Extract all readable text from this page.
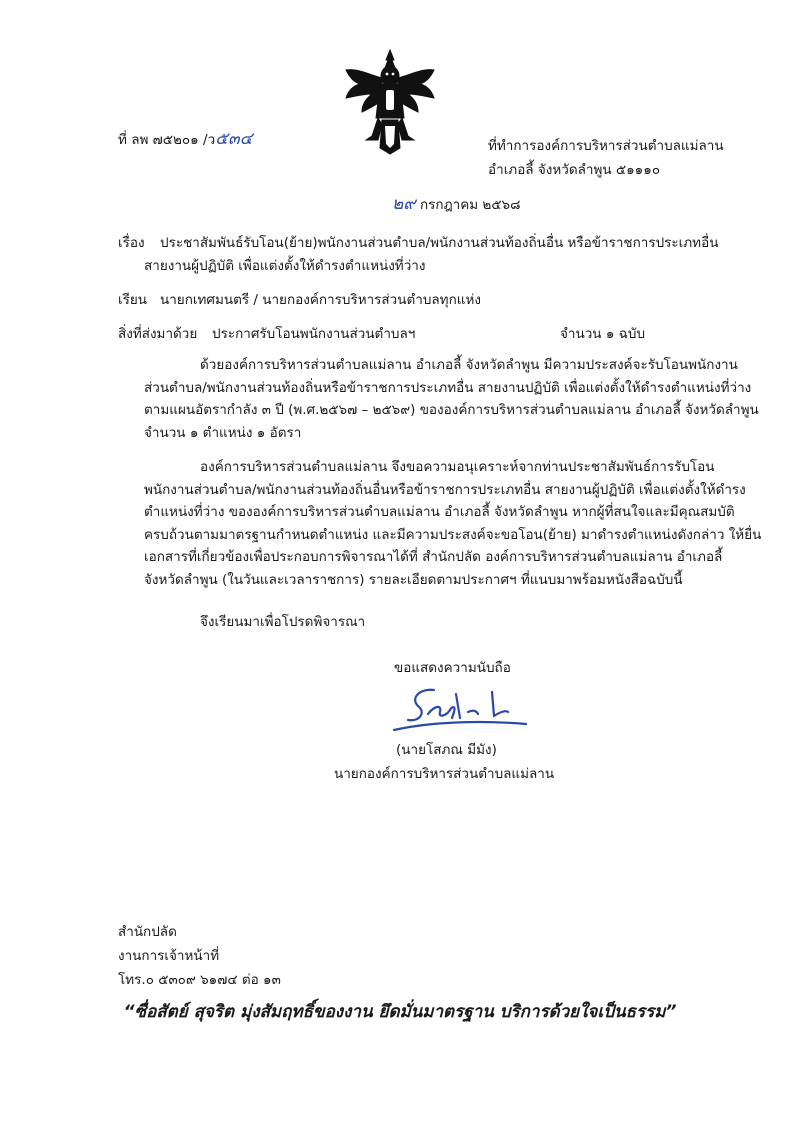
ที่ ลพ ๗๕๒๐๑ /ว๕๓๔	ที่ทำการองค์การบริหารส่วนตำบลแม่ลาน
อำเภอลี้ จังหวัดลำพูน ๕๑๑๑๐
๒๙ กรกฎาคม ๒๕๖๘
เรื่อง ประชาสัมพันธ์รับโอน(ย้าย)พนักงานส่วนตำบล/พนักงานส่วนท้องถิ่นอื่น หรือข้าราชการประเภทอื่น
สายงานผู้ปฏิบัติ เพื่อแต่งตั้งให้ดำรงตำแหน่งที่ว่าง
เรียน นายกเทศมนตรี / นายกองค์การบริหารส่วนตำบลทุกแห่ง
สิ่งที่ส่งมาด้วย ประกาศรับโอนพนักงานส่วนตำบลฯ	จำนวน ๑ ฉบับ
ด้วยองค์การบริหารส่วนตำบลแม่ลาน อำเภอลี้ จังหวัดลำพูน มีความประสงค์จะรับโอนพนักงาน
ส่วนตำบล/พนักงานส่วนท้องถิ่นหรือข้าราชการประเภทอื่น สายงานปฏิบัติ เพื่อแต่งตั้งให้ดำรงตำแหน่งที่ว่าง
ตามแผนอัตรากำลัง ๓ ปี (พ.ศ.๒๕๖๗ – ๒๕๖๙) ขององค์การบริหารส่วนตำบลแม่ลาน อำเภอลี้ จังหวัดลำพูน
จำนวน ๑ ตำแหน่ง ๑ อัตรา
องค์การบริหารส่วนตำบลแม่ลาน จึงขอความอนุเคราะห์จากท่านประชาสัมพันธ์การรับโอน
พนักงานส่วนตำบล/พนักงานส่วนท้องถิ่นอื่นหรือข้าราชการประเภทอื่น สายงานผู้ปฏิบัติ เพื่อแต่งตั้งให้ดำรง
ตำแหน่งที่ว่าง ขององค์การบริหารส่วนตำบลแม่ลาน อำเภอลี้ จังหวัดลำพูน หากผู้ที่สนใจและมีคุณสมบัติ
ครบถ้วนตามมาตรฐานกำหนดตำแหน่ง และมีความประสงค์จะขอโอน(ย้าย) มาดำรงตำแหน่งดังกล่าว ให้ยื่น
เอกสารที่เกี่ยวข้องเพื่อประกอบการพิจารณาได้ที่ สำนักปลัด องค์การบริหารส่วนตำบลแม่ลาน อำเภอลี้
จังหวัดลำพูน (ในวันและเวลาราชการ) รายละเอียดตามประกาศฯ ที่แนบมาพร้อมหนังสือฉบับนี้
จึงเรียนมาเพื่อโปรดพิจารณา
ขอแสดงความนับถือ
(นายโสภณ มีมัง)
นายกองค์การบริหารส่วนตำบลแม่ลาน
สำนักปลัด
งานการเจ้าหน้าที่
โทร.๐ ๕๓๐๙ ๖๑๗๔ ต่อ ๑๓
“ซื่อสัตย์ สุจริต มุ่งสัมฤทธิ์ของงาน ยึดมั่นมาตรฐาน บริการด้วยใจเป็นธรรม”
